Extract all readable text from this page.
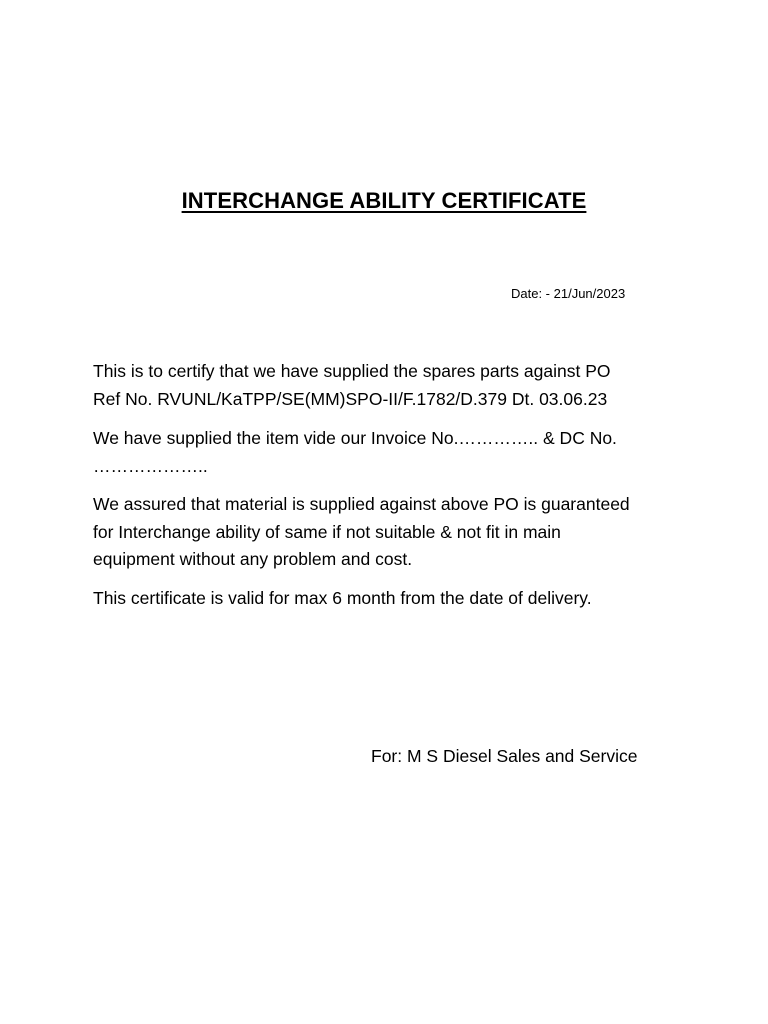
INTERCHANGE ABILITY CERTIFICATE
Date: - 21/Jun/2023
This is to certify that we have supplied the spares parts against PO
Ref No. RVUNL/KaTPP/SE(MM)SPO-II/F.1782/D.379 Dt. 03.06.23
We have supplied the item vide our Invoice No.………….. & DC No.
………………..
We assured that material is supplied against above PO is guaranteed
for Interchange ability of same if not suitable & not fit in main
equipment without any problem and cost.
This certificate is valid for max 6 month from the date of delivery.
For: M S Diesel Sales and Service
